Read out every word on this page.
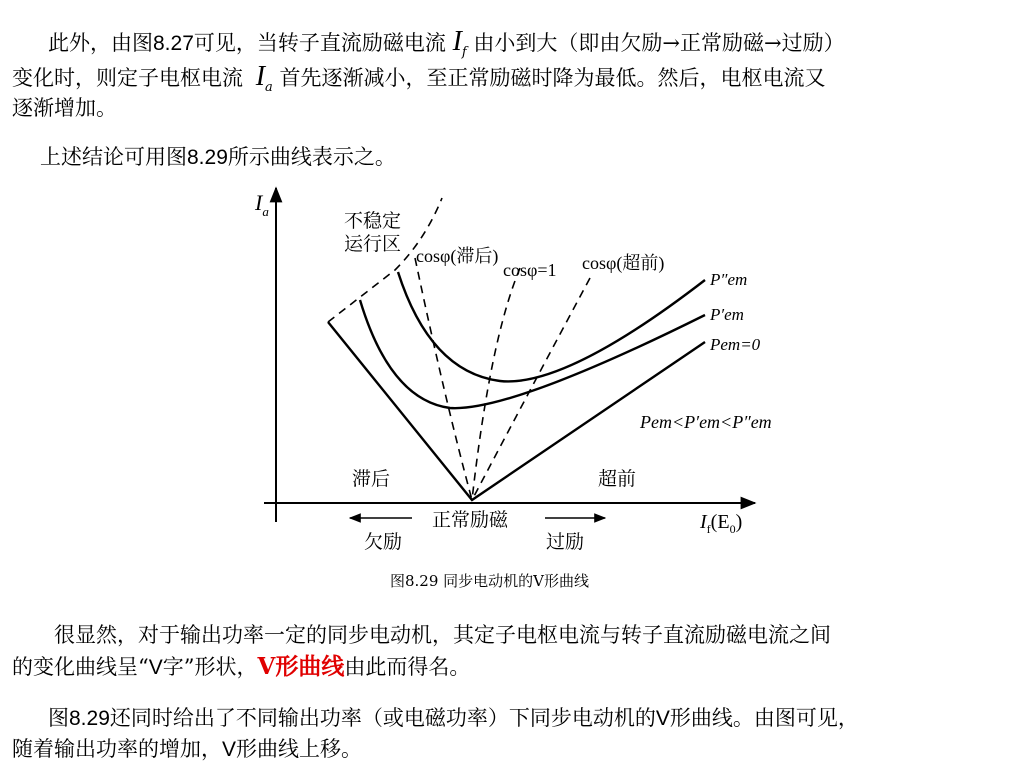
此外，由图8.27可见，当转子直流励磁电流 $I_f$ 由小到大（即由欠励→正常励磁→过励）
变化时，则定子电枢电流 $I_a$ 首先逐渐减小，至正常励磁时降为最低。然后，电枢电流又
逐渐增加。
上述结论可用图8.29所示曲线表示之。
$I_a$
$I_f(E_0)$
不稳定
运行区
cosφ(滞后)
cosφ=1 cosφ(超前)
P″em
P′em
Pem=0
Pem<P′em<P″em
滞后	超前
正常励磁
欠励	过励
图8.29 同步电动机的V形曲线
很显然，对于输出功率一定的同步电动机，其定子电枢电流与转子直流励磁电流之间
的变化曲线呈“V字”形状，V形曲线由此而得名。
图8.29还同时给出了不同输出功率（或电磁功率）下同步电动机的V形曲线。由图可见，
随着输出功率的增加，V形曲线上移。
